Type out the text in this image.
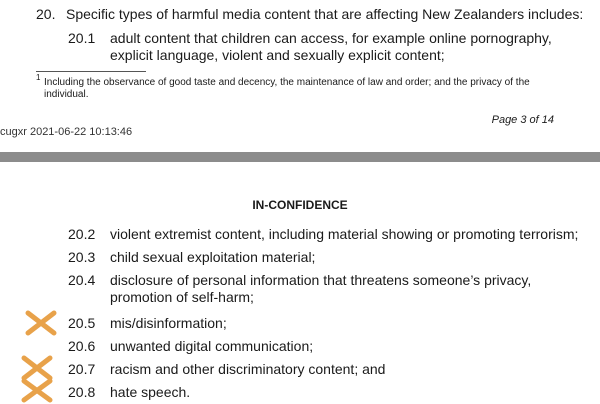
20. Specific types of harmful media content that are affecting New Zealanders includes:
20.1 adult content that children can access, for example online pornography, explicit language, violent and sexually explicit content;
1 Including the observance of good taste and decency, the maintenance of law and order; and the privacy of the individual.
Page 3 of 14
cugxr 2021-06-22 10:13:46
IN-CONFIDENCE
20.2 violent extremist content, including material showing or promoting terrorism;
20.3 child sexual exploitation material;
20.4 disclosure of personal information that threatens someone’s privacy,
promotion of self-harm;
20.5 mis/disinformation;
20.6 unwanted digital communication;
20.7 racism and other discriminatory content; and
20.8 hate speech.
